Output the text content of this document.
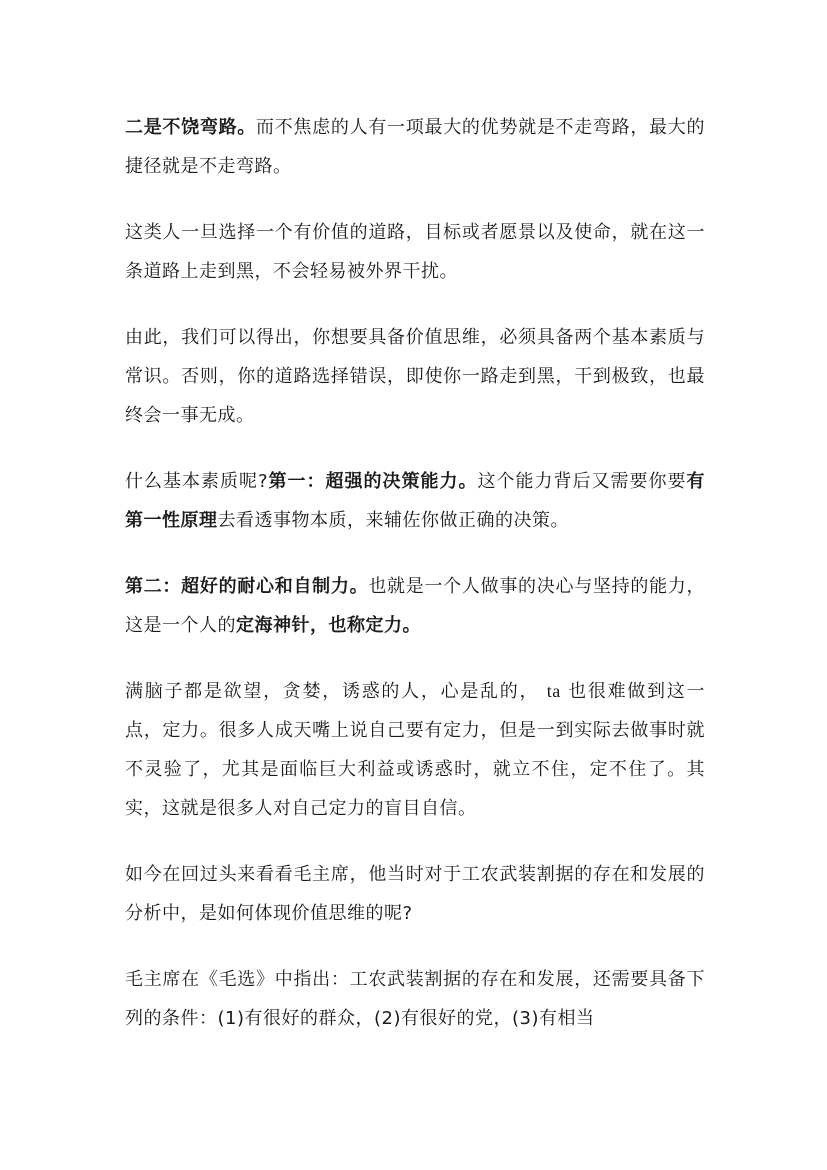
二是不饶弯路。而不焦虑的人有一项最大的优势就是不走弯路，最大的捷径就是不走弯路。

这类人一旦选择一个有价值的道路，目标或者愿景以及使命，就在这一条道路上走到黑，不会轻易被外界干扰。

由此，我们可以得出，你想要具备价值思维，必须具备两个基本素质与常识。否则，你的道路选择错误，即使你一路走到黑，干到极致，也最终会一事无成。

什么基本素质呢?第一：超强的决策能力。这个能力背后又需要你要有第一性原理去看透事物本质，来辅佐你做正确的决策。

第二：超好的耐心和自制力。也就是一个人做事的决心与坚持的能力，这是一个人的定海神针，也称定力。

满脑子都是欲望，贪婪，诱惑的人，心是乱的， ta 也很难做到这一点，定力。很多人成天嘴上说自己要有定力，但是一到实际去做事时就不灵验了，尤其是面临巨大利益或诱惑时，就立不住，定不住了。其实，这就是很多人对自己定力的盲目自信。

如今在回过头来看看毛主席，他当时对于工农武装割据的存在和发展的分析中，是如何体现价值思维的呢?

毛主席在《毛选》中指出：工农武装割据的存在和发展，还需要具备下列的条件：(1)有很好的群众，(2)有很好的党，(3)有相当
